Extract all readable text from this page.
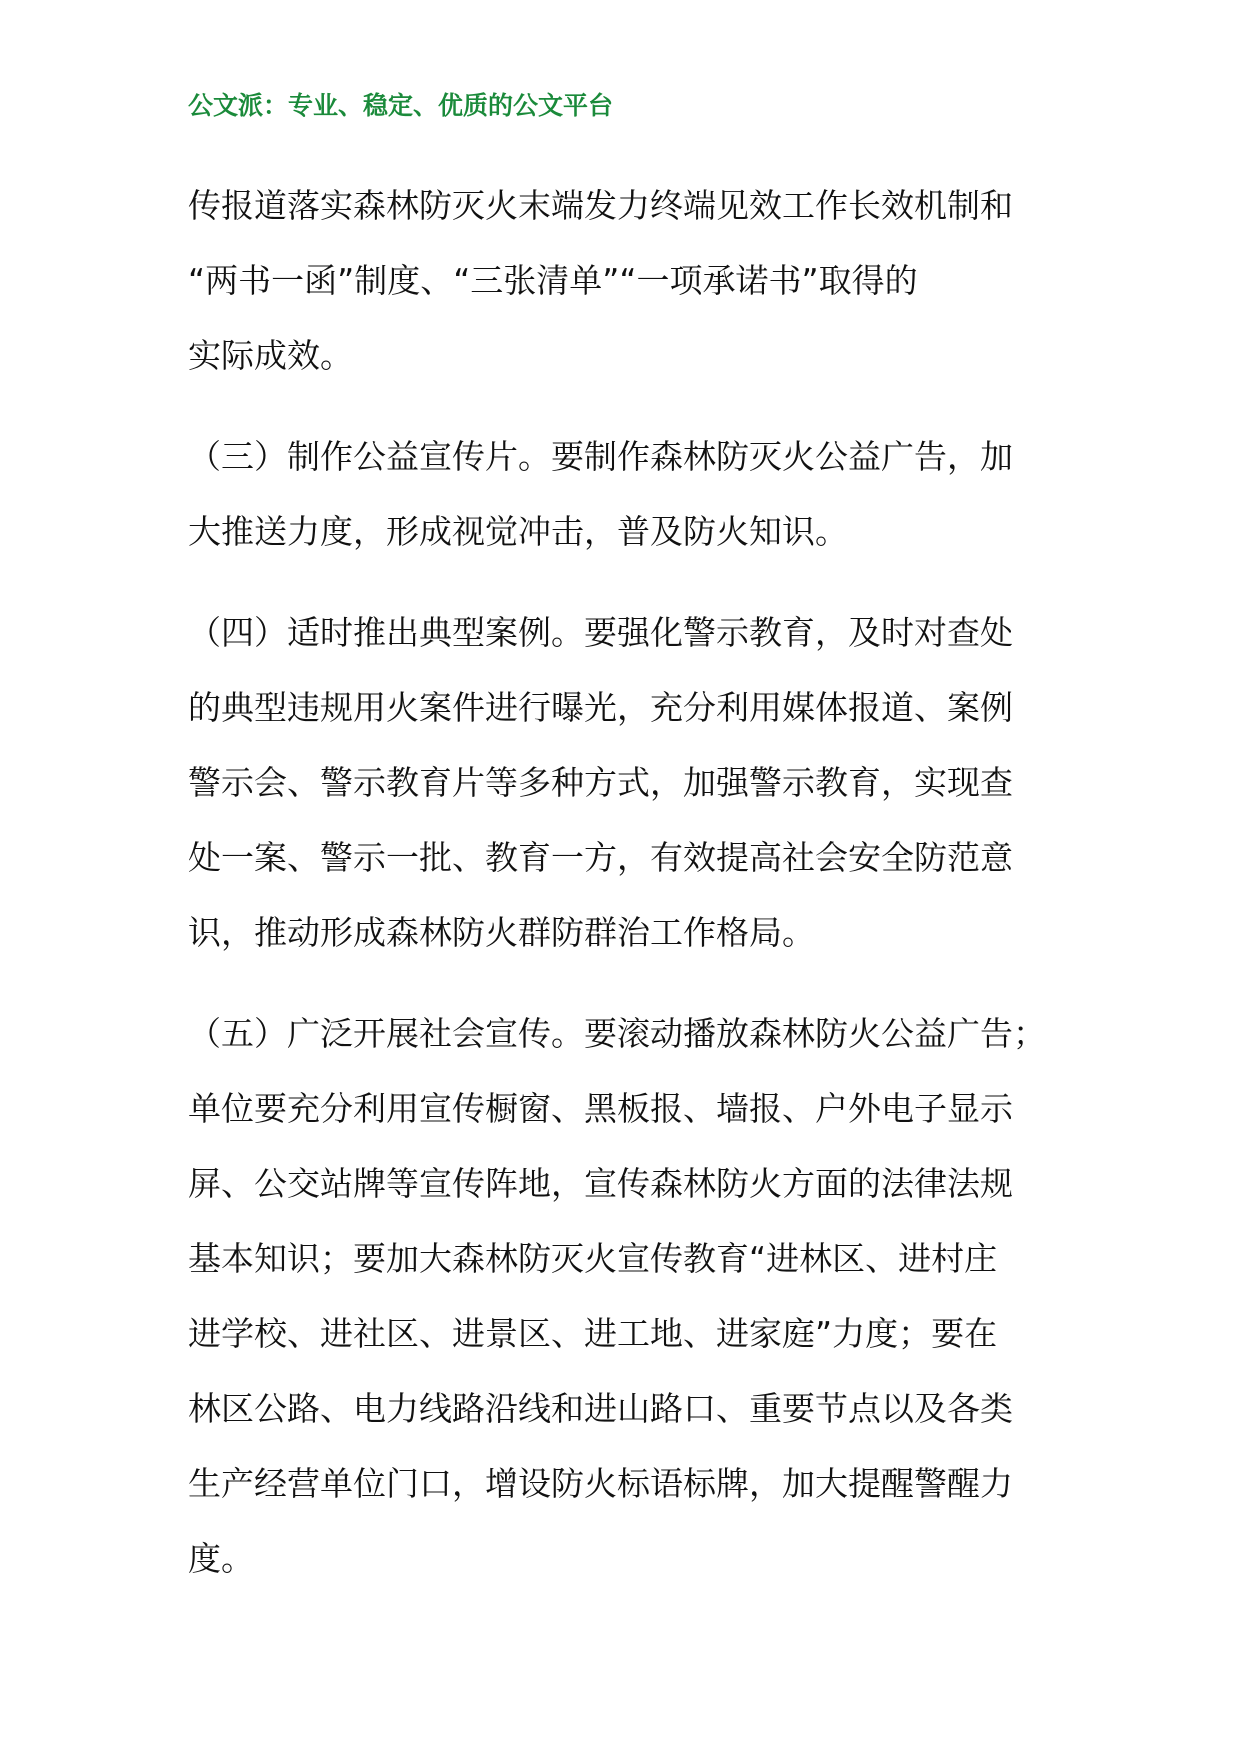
公文派：专业、稳定、优质的公文平台
传报道落实森林防灭火末端发力终端见效工作长效机制和
“两书一函”制度、“三张清单”“一项承诺书”取得的
实际成效。
（三）制作公益宣传片。要制作森林防灭火公益广告，加
大推送力度，形成视觉冲击，普及防火知识。
（四）适时推出典型案例。要强化警示教育，及时对查处
的典型违规用火案件进行曝光，充分利用媒体报道、案例
警示会、警示教育片等多种方式，加强警示教育，实现查
处一案、警示一批、教育一方，有效提高社会安全防范意
识，推动形成森林防火群防群治工作格局。
（五）广泛开展社会宣传。要滚动播放森林防火公益广告；
单位要充分利用宣传橱窗、黑板报、墙报、户外电子显示
屏、公交站牌等宣传阵地，宣传森林防火方面的法律法规
基本知识；要加大森林防灭火宣传教育“进林区、进村庄
进学校、进社区、进景区、进工地、进家庭”力度；要在
林区公路、电力线路沿线和进山路口、重要节点以及各类
生产经营单位门口，增设防火标语标牌，加大提醒警醒力
度。
